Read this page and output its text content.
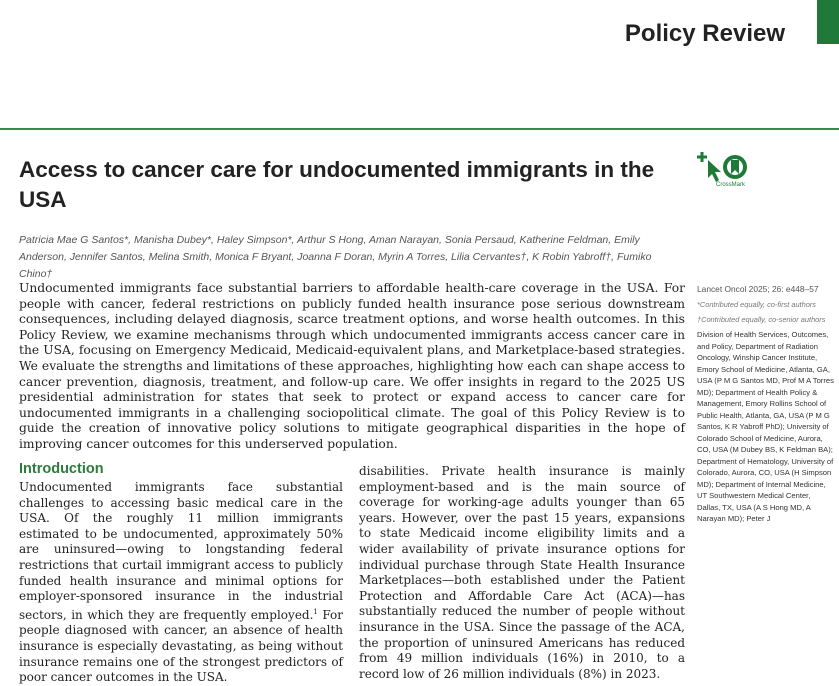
Policy Review
Access to cancer care for undocumented immigrants in the USA
CrossMark

Patricia Mae G Santos*, Manisha Dubey*, Haley Simpson*, Arthur S Hong, Aman Narayan, Sonia Persaud, Katherine Feldman, Emily Anderson, Jennifer Santos, Melina Smith, Monica F Bryant, Joanna F Doran, Myrin A Torres, Lilia Cervantes†, K Robin Yabroff†, Fumiko Chino†

Undocumented immigrants face substantial barriers to affordable health-care coverage in the USA. For people with cancer, federal restrictions on publicly funded health insurance pose serious downstream consequences, including delayed diagnosis, scarce treatment options, and worse health outcomes. In this Policy Review, we examine mechanisms through which undocumented immigrants access cancer care in the USA, focusing on Emergency Medicaid, Medicaid-equivalent plans, and Marketplace-based strategies. We evaluate the strengths and limitations of these approaches, highlighting how each can shape access to cancer prevention, diagnosis, treatment, and follow-up care. We offer insights in regard to the 2025 US presidential administration for states that seek to protect or expand access to cancer care for undocumented immigrants in a challenging sociopolitical climate. The goal of this Policy Review is to guide the creation of innovative policy solutions to mitigate geographical disparities in the hope of improving cancer outcomes for this underserved population.

Lancet Oncol 2025; 26: e448–57

*Contributed equally, co-first authors

†Contributed equally, co-senior authors

Division of Health Services, Outcomes, and Policy, Department of Radiation Oncology, Winship Cancer Institute, Emory School of Medicine, Atlanta, GA, USA (P M G Santos MD, Prof M A Torres MD); Department of Health Policy & Management, Emory Rollins School of Public Health, Atlanta, GA, USA (P M G Santos, K R Yabroff PhD); University of Colorado School of Medicine, Aurora, CO, USA (M Dubey BS, K Feldman BA); Department of Hematology, University of Colorado, Aurora, CO, USA (H Simpson MD); Department of Internal Medicine, UT Southwestern Medical Center, Dallas, TX, USA (A S Hong MD, A Narayan MD); Peter J

Introduction

Undocumented immigrants face substantial challenges to accessing basic medical care in the USA. Of the roughly 11 million immigrants estimated to be undocumented, approximately 50% are uninsured—owing to longstanding federal restrictions that curtail immigrant access to publicly funded health insurance and minimal options for employer-sponsored insurance in the industrial sectors, in which they are frequently employed.$^1$ For people diagnosed with cancer, an absence of health insurance is especially devastating, as being without insurance remains one of the strongest predictors of poor cancer outcomes in the USA.

disabilities. Private health insurance is mainly employment-based and is the main source of coverage for working-age adults younger than 65 years. However, over the past 15 years, expansions to state Medicaid income eligibility limits and a wider availability of private insurance options for individual purchase through State Health Insurance Marketplaces—both established under the Patient Protection and Affordable Care Act (ACA)—has substantially reduced the number of people without insurance in the USA. Since the passage of the ACA, the proportion of uninsured Americans has reduced from 49 million individuals (16%) in 2010, to a record low of 26 million individuals (8%) in 2023.
